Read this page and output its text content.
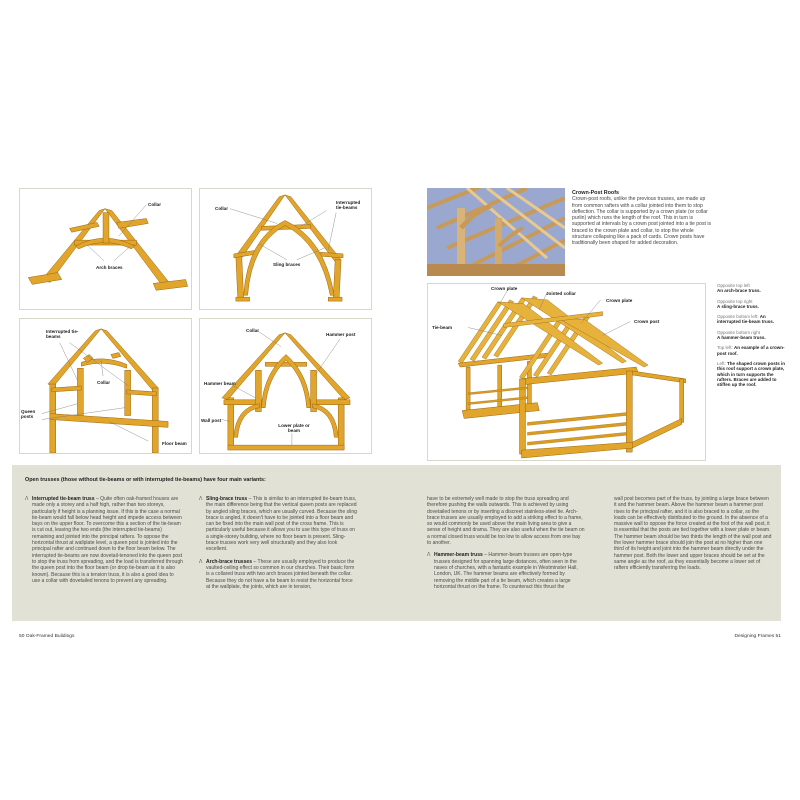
Collar
Arch braces
Collar
Interrupted tie-beams
Sling braces
Interrupted tie-beams
Collar
Queen posts
Floor beam
Collar
Hammer post
Hammer beam
Wall post
Lower plate or beam
Crown-Post Roofs
Crown-post roofs, unlike the previous trusses, are made up from common rafters with a collar jointed into them to stop deflection. The collar is supported by a crown plate (or collar purlin) which runs the length of the roof. This in turn is supported at intervals by a crown post jointed into a tie post is braced to the crown plate and collar, to stop the whole structure collapsing like a pack of cards. Crown posts have traditionally been shaped for added decoration.
Crown plate
Jointed collar
Crown plate
Tie-beam
Crown post
Opposite top left
An arch-brace truss.
Opposite top right
A sling-brace truss.
Opposite bottom left: An interrupted tie-beam truss.
Opposite bottom right
A hammer-beam truss.
Top left: An example of a crown-post roof.
Left: The shaped crown posts in this roof support a crown plate, which in turn supports the rafters. Braces are added to stiffen up the roof.
Open trusses (those without tie-beams or with interrupted tie-beams) have four main variants:

Λ Interrupted tie-beam truss – Quite often oak-framed houses are made only a storey and a half high, rather than two storeys, particularly if height is a planning issue. If this is the case a normal tie-beam would fall below head height and impede access between bays on the upper floor. To overcome this a section of the tie-beam is cut out, leaving the two ends (the interrupted tie-beams) remaining and jointed into the principal rafters. To oppose the horizontal thrust at wallplate level, a queen post is jointed into the principal rafter and continued down to the floor beam below. The interrupted tie-beams are now dovetail-tenoned into the queen post to stop the truss from spreading, and the load is transferred through the queen post into the floor beam (or drop tie-beam as it is also known). Because this is a tension truss, it is also a good idea to use a collar with dovetailed tenons to prevent any spreading.

Λ Sling-brace truss – This is similar to an interrupted tie-beam truss, the main difference being that the vertical queen posts are replaced by angled sling braces, which are usually curved. Because the sling brace is angled, it doesn't have to be jointed into a floor beam and can be fixed into the main wall post of the cross frame. This is particularly useful because it allows you to use this type of truss on a single-storey building, where no floor beam is present. Sling-brace trusses work very well structurally and they also look excellent.

Λ Arch-brace trusses – These are usually employed to produce the vaulted-ceiling effect so common in our churches. Their basic form is a collared truss with two arch braces jointed beneath the collar. Because they do not have a tie beam to resist the horizontal force at the wallplate, the joints, which are in tension,

have to be extremely well made to stop the truss spreading and therefore pushing the walls outwards. This is achieved by using dovetailed tenons or by inserting a discreet stainless-steel tie. Arch-brace trusses are usually employed to add a striking effect to a frame, so would commonly be used above the main living area to give a sense of height and drama. They are also useful when the tie beam on a normal closed truss would be too low to allow access from one bay to another.

Λ Hammer-beam truss – Hammer-beam trusses are open-type trusses designed for spanning large distances, often seen in the naves of churches, with a fantastic example in Westminster Hall, London, UK. The hammer beams are effectively formed by removing the middle part of a tie beam, which creates a large horizontal thrust on the frame. To counteract this thrust the

wall post becomes part of the truss, by jointing a large brace between it and the hammer beam. Above the hammer beam a hammer post rises to the principal rafter, and it is also braced to a collar, so the loads can be effectively distributed to the ground. In the absence of a massive wall to oppose the force created at the foot of the wall post, it is essential that the posts are tied together with a lower plate or beam. The hammer beam should be two thirds the length of the wall post and the lower hammer brace should join the post at no higher than one third of its height and joint into the hammer beam directly under the hammer post. Both the lower and upper braces should be set at the same angle as the roof, as they essentially become a lower set of rafters efficiently transferring the loads.

50 Oak-Framed Buildings	Designing Frames 51
